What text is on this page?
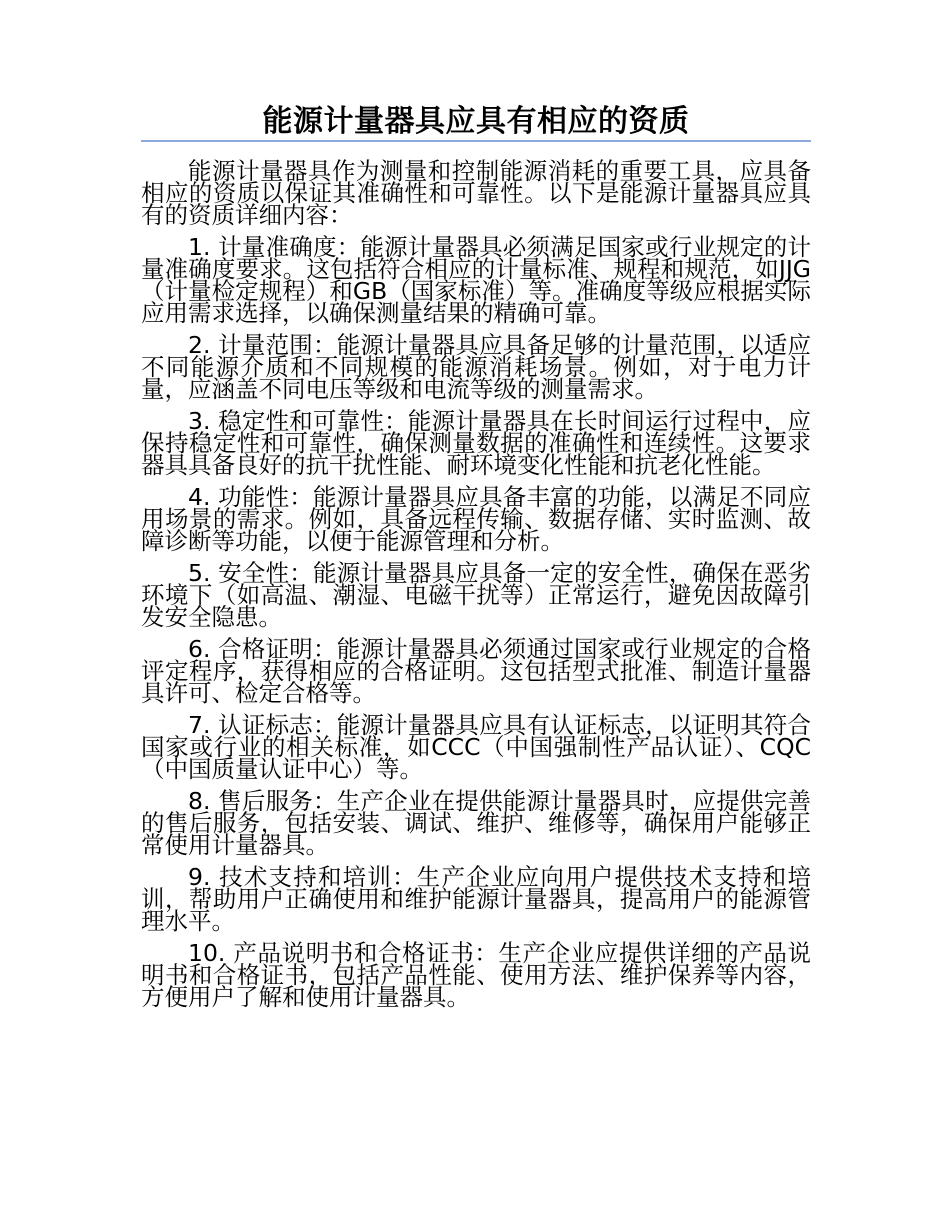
能源计量器具应具有相应的资质

能源计量器具作为测量和控制能源消耗的重要工具，应具备相应的资质以保证其准确性和可靠性。以下是能源计量器具应具有的资质详细内容：

1. 计量准确度：能源计量器具必须满足国家或行业规定的计量准确度要求。这包括符合相应的计量标准、规程和规范，如JJG（计量检定规程）和GB（国家标准）等。准确度等级应根据实际应用需求选择，以确保测量结果的精确可靠。

2. 计量范围：能源计量器具应具备足够的计量范围，以适应不同能源介质和不同规模的能源消耗场景。例如，对于电力计量，应涵盖不同电压等级和电流等级的测量需求。

3. 稳定性和可靠性：能源计量器具在长时间运行过程中，应保持稳定性和可靠性，确保测量数据的准确性和连续性。这要求器具具备良好的抗干扰性能、耐环境变化性能和抗老化性能。

4. 功能性：能源计量器具应具备丰富的功能，以满足不同应用场景的需求。例如，具备远程传输、数据存储、实时监测、故障诊断等功能，以便于能源管理和分析。

5. 安全性：能源计量器具应具备一定的安全性，确保在恶劣环境下（如高温、潮湿、电磁干扰等）正常运行，避免因故障引发安全隐患。

6. 合格证明：能源计量器具必须通过国家或行业规定的合格评定程序，获得相应的合格证明。这包括型式批准、制造计量器具许可、检定合格等。

7. 认证标志：能源计量器具应具有认证标志，以证明其符合国家或行业的相关标准，如CCC（中国强制性产品认证）、CQC（中国质量认证中心）等。

8. 售后服务：生产企业在提供能源计量器具时，应提供完善的售后服务，包括安装、调试、维护、维修等，确保用户能够正常使用计量器具。

9. 技术支持和培训：生产企业应向用户提供技术支持和培训，帮助用户正确使用和维护能源计量器具，提高用户的能源管理水平。

10. 产品说明书和合格证书：生产企业应提供详细的产品说明书和合格证书，包括产品性能、使用方法、维护保养等内容，方便用户了解和使用计量器具。
